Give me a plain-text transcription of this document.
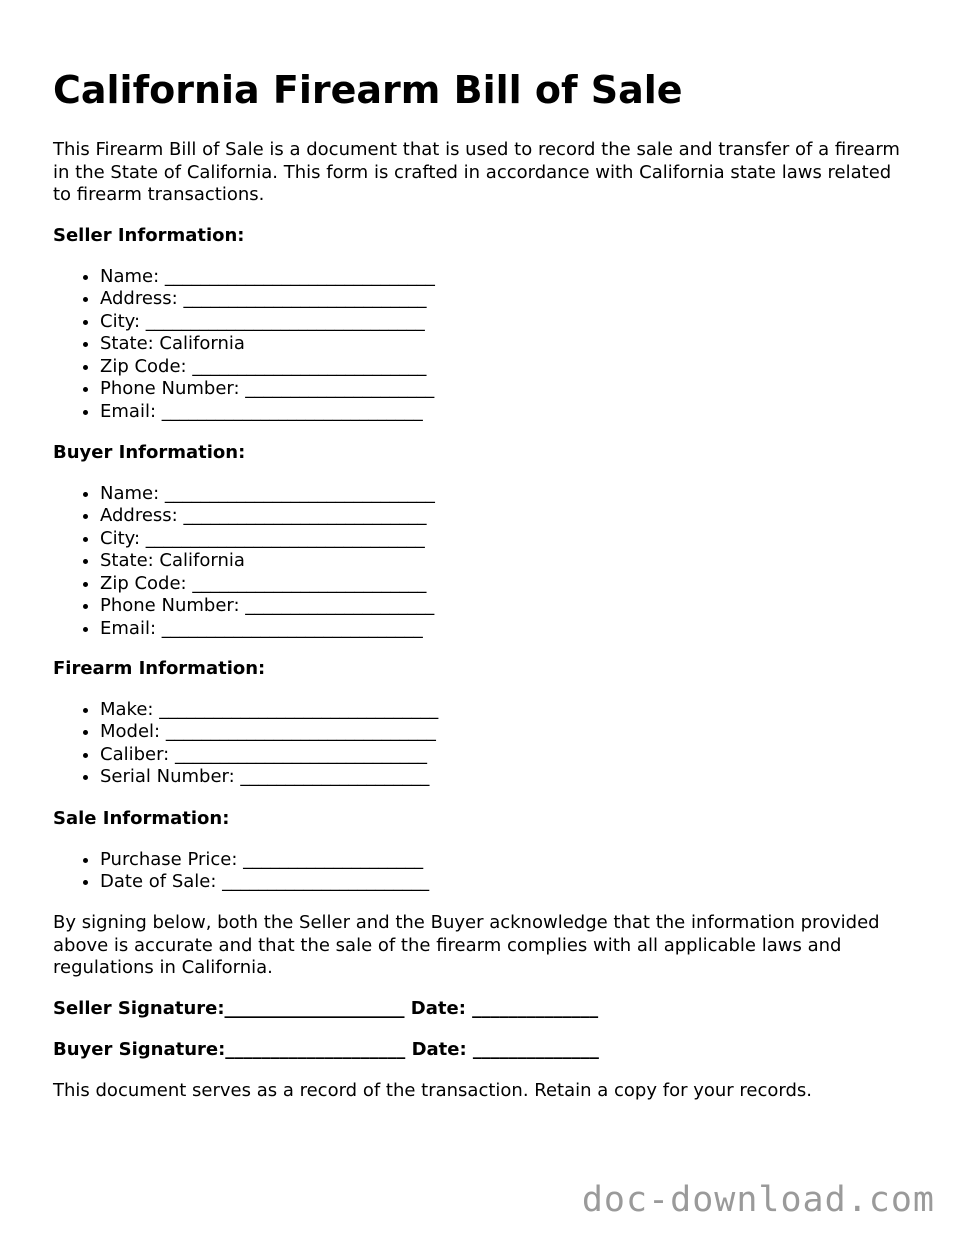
California Firearm Bill of Sale

This Firearm Bill of Sale is a document that is used to record the sale and transfer of a firearm in the State of California. This form is crafted in accordance with California state laws related to firearm transactions.

Seller Information:
• Name: ______________________________
• Address: ___________________________
• City: _______________________________
• State: California
• Zip Code: __________________________
• Phone Number: _____________________
• Email: _____________________________
Buyer Information:
• Name: ______________________________
• Address: ___________________________
• City: _______________________________
• State: California
• Zip Code: __________________________
• Phone Number: _____________________
• Email: _____________________________
Firearm Information:
• Make: _______________________________
• Model: ______________________________
• Caliber: ____________________________
• Serial Number: _____________________
Sale Information:
• Purchase Price: ____________________
• Date of Sale: _______________________

By signing below, both the Seller and the Buyer acknowledge that the information provided above is accurate and that the sale of the firearm complies with all applicable laws and regulations in California.

Seller Signature:____________________ Date: ______________

Buyer Signature:____________________ Date: ______________

This document serves as a record of the transaction. Retain a copy for your records.

doc-download.com
